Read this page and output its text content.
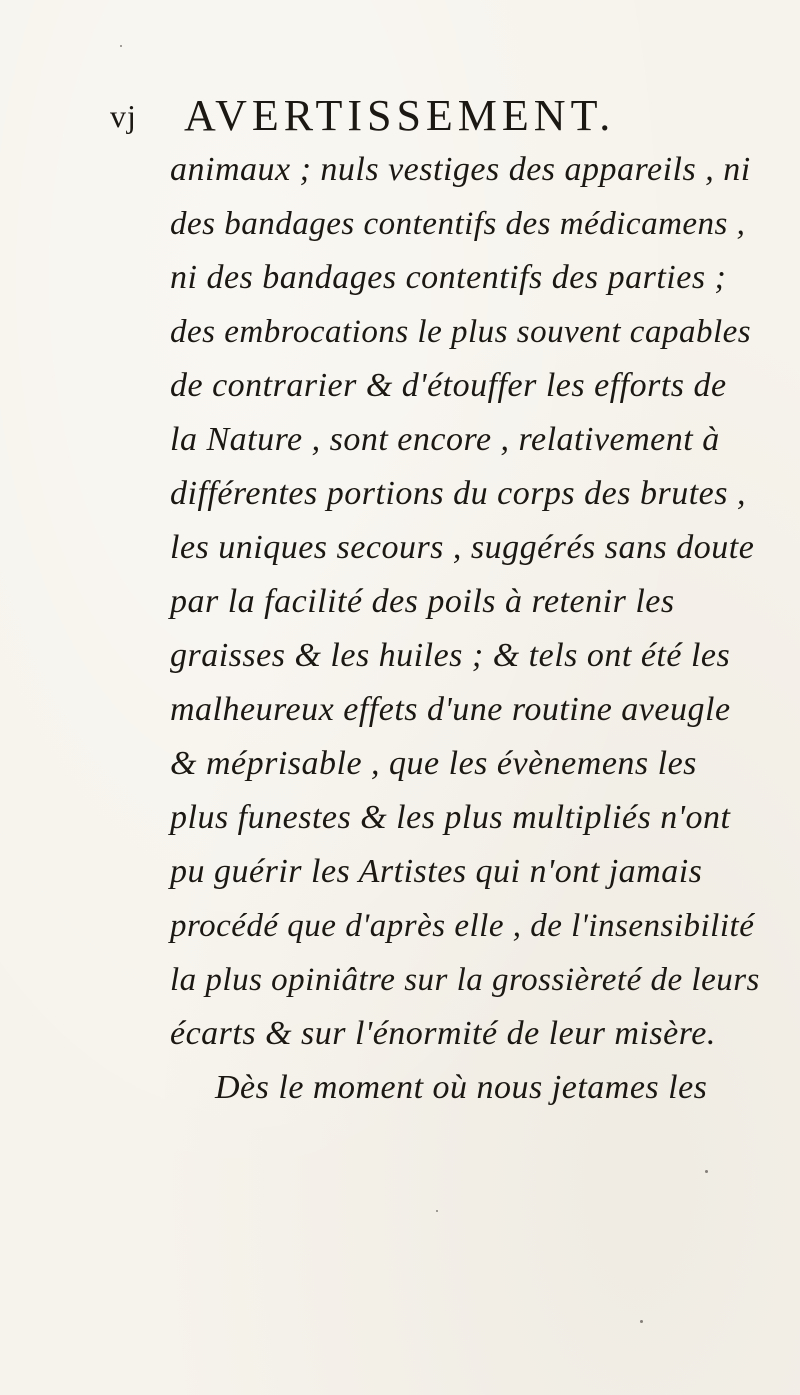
vj AVERTISSEMENT.
animaux ; nuls vestiges des appareils , ni
des bandages contentifs des médicamens ,
ni des bandages contentifs des parties ;
des embrocations le plus souvent capables
de contrarier & d'étouffer les efforts de
la Nature , sont encore , relativement à
différentes portions du corps des brutes ,
les uniques secours , suggérés sans doute
par la facilité des poils à retenir les
graisses & les huiles ; & tels ont été les
malheureux effets d'une routine aveugle
& méprisable , que les évènemens les
plus funestes & les plus multipliés n'ont
pu guérir les Artistes qui n'ont jamais
procédé que d'après elle , de l'insensibilité
la plus opiniâtre sur la grossièreté de leurs
écarts & sur l'énormité de leur misère.
Dès le moment où nous jetames les
